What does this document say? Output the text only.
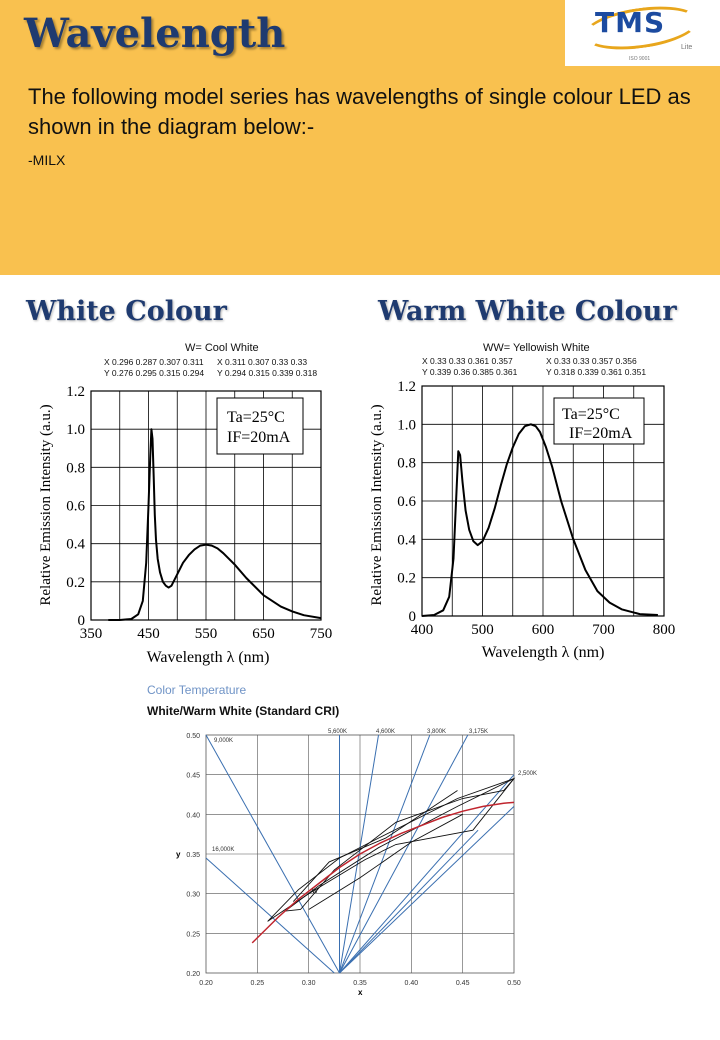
Wavelength	TMS
Lite
ISO 9001

The following model series has wavelengths of single colour LED as shown in the diagram below:-

-MILX
White Colour	Warm White Colour
W= Cool White
X 0.296 0.287 0.307 0.311
Y 0.276 0.295 0.315 0.294
X 0.311 0.307 0.33 0.33
Y 0.294 0.315 0.339 0.318
WW= Yellowish White
X 0.33 0.33 0.361 0.357
Y 0.339 0.36 0.385 0.361
X 0.33 0.33 0.357 0.356
Y 0.318 0.339 0.361 0.351
350 450 550 650 750
0
0.2
0.4
0.6
0.8
1.0
1.2
Ta=25°C
IF=20mA
Wavelength λ (nm)
Relative Emission Intensity (a.u.)
400	500	600	700	800
0
0.2
0.4
0.6
0.8
1.0
1.2
Ta=25°C
IF=20mA
Wavelength λ (nm)
Relative Emission Intensity (a.u.)
Color Temperature
White/Warm White (Standard CRI)
0.20	0.25	0.30	0.35	0.40	0.45	0.50
0.20
0.25
0.30
0.35
0.40
0.45
0.50
9,000K
16,000K
5,600K	4,600K	3,800K	3,175K
2,500K
y
x
W
